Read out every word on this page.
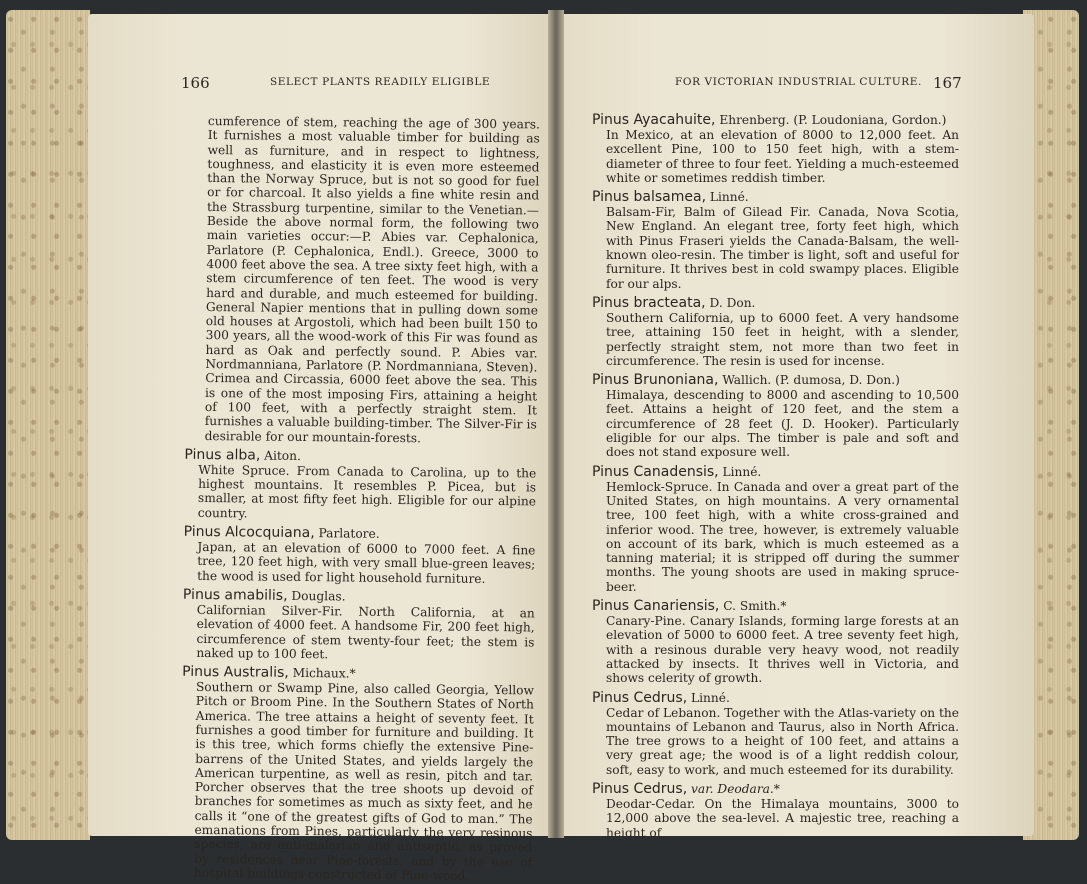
166	SELECT PLANTS READILY ELIGIBLE	FOR VICTORIAN INDUSTRIAL CULTURE. 167

cumference of stem, reaching the age of 300 years. It furnishes a most valuable timber for building as well as furniture, and in respect to lightness, toughness, and elasticity it is even more esteemed than the Norway Spruce, but is not so good for fuel or for charcoal. It also yields a fine white resin and the Strassburg turpentine, similar to the Venetian.—Beside the above normal form, the following two main varieties occur:—P. Abies var. Cephalonica, Parlatore (P. Cephalonica, Endl.). Greece, 3000 to 4000 feet above the sea. A tree sixty feet high, with a stem circumference of ten feet. The wood is very hard and durable, and much esteemed for building. General Napier mentions that in pulling down some old houses at Argostoli, which had been built 150 to 300 years, all the wood-work of this Fir was found as hard as Oak and perfectly sound. P. Abies var. Nordmanniana, Parlatore (P. Nordmanniana, Steven). Crimea and Circassia, 6000 feet above the sea. This is one of the most imposing Firs, attaining a height of 100 feet, with a perfectly straight stem. It furnishes a valuable building-timber. The Silver-Fir is desirable for our mountain-forests.

Pinus alba, Aiton.

White Spruce. From Canada to Carolina, up to the highest mountains. It resembles P. Picea, but is smaller, at most fifty feet high. Eligible for our alpine country.

Pinus Alcocquiana, Parlatore.

Japan, at an elevation of 6000 to 7000 feet. A fine tree, 120 feet high, with very small blue-green leaves; the wood is used for light household furniture.

Pinus amabilis, Douglas.

Californian Silver-Fir. North California, at an elevation of 4000 feet. A handsome Fir, 200 feet high, circumference of stem twenty-four feet; the stem is naked up to 100 feet.

Pinus Australis, Michaux.*

Southern or Swamp Pine, also called Georgia, Yellow Pitch or Broom Pine. In the Southern States of North America. The tree attains a height of seventy feet. It furnishes a good timber for furniture and building. It is this tree, which forms chiefly the extensive Pine-barrens of the United States, and yields largely the American turpentine, as well as resin, pitch and tar. Porcher observes that the tree shoots up devoid of branches for sometimes as much as sixty feet, and he calls it “one of the greatest gifts of God to man.” The emanations from Pines, particularly the very resinous species, are anti-malarian and antiseptic, as proved by residences near Pine-forests, and by the use of hospital buildings constructed of Pine-wood.

Pinus Ayacahuite, Ehrenberg. (P. Loudoniana, Gordon.)

In Mexico, at an elevation of 8000 to 12,000 feet. An excellent Pine, 100 to 150 feet high, with a stem-diameter of three to four feet. Yielding a much-esteemed white or sometimes reddish timber.

Pinus balsamea, Linné.

Balsam-Fir, Balm of Gilead Fir. Canada, Nova Scotia, New England. An elegant tree, forty feet high, which with Pinus Fraseri yields the Canada-Balsam, the well-known oleo-resin. The timber is light, soft and useful for furniture. It thrives best in cold swampy places. Eligible for our alps.

Pinus bracteata, D. Don.

Southern California, up to 6000 feet. A very handsome tree, attaining 150 feet in height, with a slender, perfectly straight stem, not more than two feet in circumference. The resin is used for incense.

Pinus Brunoniana, Wallich. (P. dumosa, D. Don.)

Himalaya, descending to 8000 and ascending to 10,500 feet. Attains a height of 120 feet, and the stem a circumference of 28 feet (J. D. Hooker). Particularly eligible for our alps. The timber is pale and soft and does not stand exposure well.

Pinus Canadensis, Linné.

Hemlock-Spruce. In Canada and over a great part of the United States, on high mountains. A very ornamental tree, 100 feet high, with a white cross-grained and inferior wood. The tree, however, is extremely valuable on account of its bark, which is much esteemed as a tanning material; it is stripped off during the summer months. The young shoots are used in making spruce-beer.

Pinus Canariensis, C. Smith.*

Canary-Pine. Canary Islands, forming large forests at an elevation of 5000 to 6000 feet. A tree seventy feet high, with a resinous durable very heavy wood, not readily attacked by insects. It thrives well in Victoria, and shows celerity of growth.

Pinus Cedrus, Linné.

Cedar of Lebanon. Together with the Atlas-variety on the mountains of Lebanon and Taurus, also in North Africa. The tree grows to a height of 100 feet, and attains a very great age; the wood is of a light reddish colour, soft, easy to work, and much esteemed for its durability.

Pinus Cedrus, var. Deodara.*

Deodar-Cedar. On the Himalaya mountains, 3000 to 12,000 above the sea-level. A majestic tree, reaching a height of
